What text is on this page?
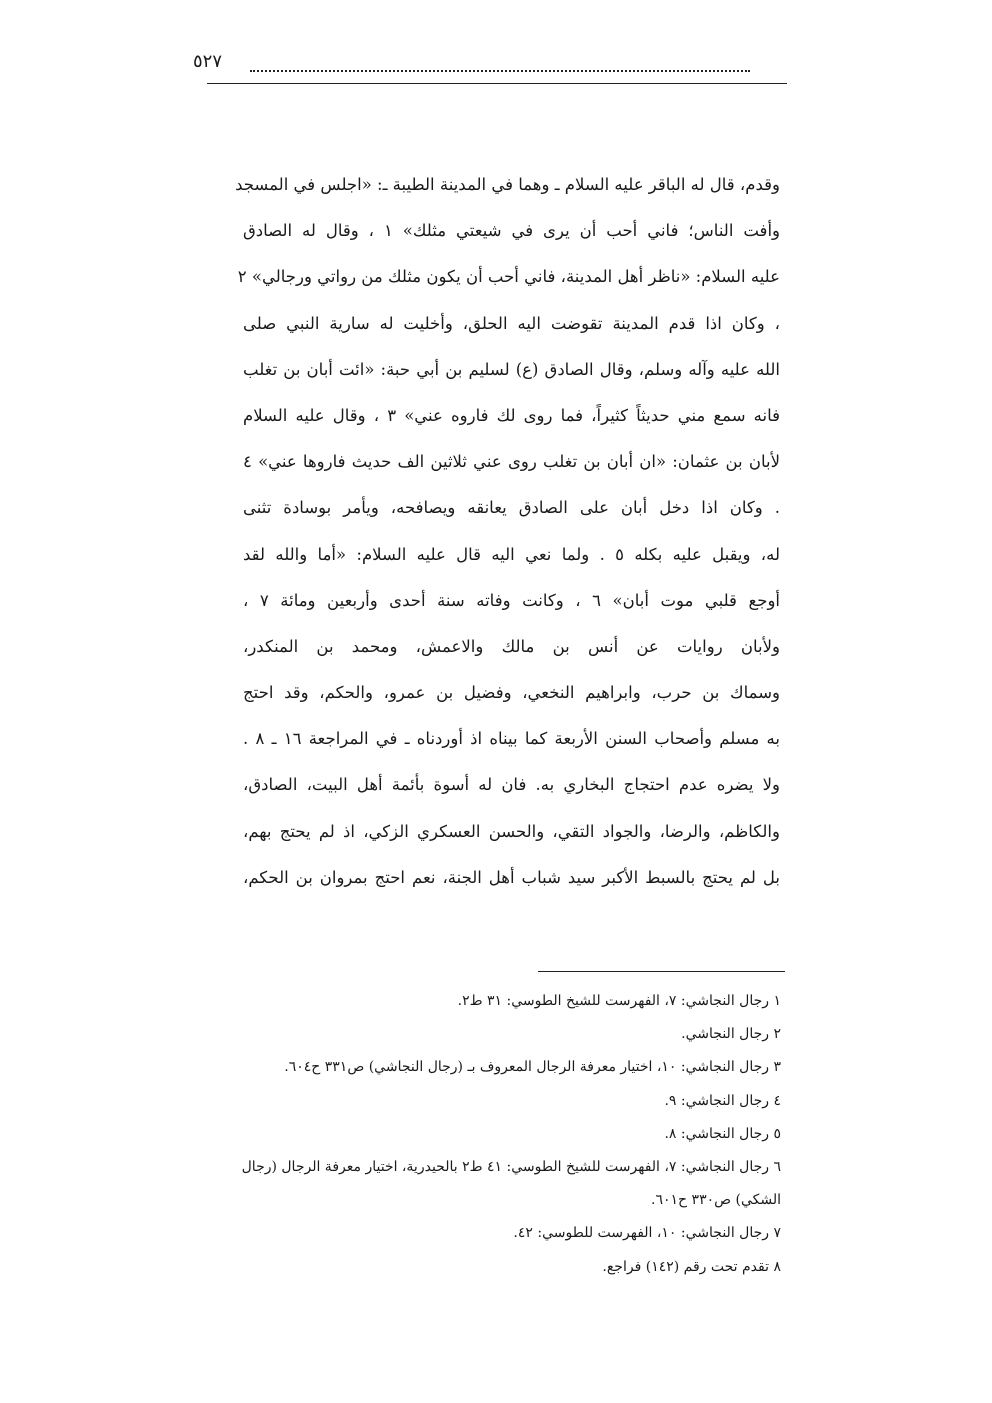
٥٢٧
وقدم، قال له الباقر عليه السلام ـ وهما في المدينة الطيبة ـ: «اجلس في المسجد
وأفت الناس؛ فاني أحب أن يرى في شيعتي مثلك» ١ ، وقال له الصادق
عليه السلام: «ناظر أهل المدينة، فاني أحب أن يكون مثلك من رواتي ورجالي» ٢
، وكان اذا قدم المدينة تقوضت اليه الحلق، وأخليت له سارية النبي صلى
الله عليه وآله وسلم، وقال الصادق (ع) لسليم بن أبي حبة: «ائت أبان بن تغلب
فانه سمع مني حديثاً كثيراً، فما روى لك فاروه عني» ٣ ، وقال عليه السلام
لأبان بن عثمان: «ان أبان بن تغلب روى عني ثلاثين الف حديث فاروها عني» ٤
. وكان اذا دخل أبان على الصادق يعانقه ويصافحه، ويأمر بوسادة تثنى
له، ويقبل عليه بكله ٥ . ولما نعي اليه قال عليه السلام: «أما والله لقد
أوجع قلبي موت أبان» ٦ ، وكانت وفاته سنة أحدى وأربعين ومائة ٧ ،
ولأبان روايات عن أنس بن مالك والاعمش، ومحمد بن المنكدر،
وسماك بن حرب، وابراهيم النخعي، وفضيل بن عمرو، والحكم، وقد احتج
به مسلم وأصحاب السنن الأربعة كما بيناه اذ أوردناه ـ في المراجعة ١٦ ـ ٨ .
ولا يضره عدم احتجاج البخاري به. فان له أسوة بأئمة أهل البيت، الصادق،
والكاظم، والرضا، والجواد التقي، والحسن العسكري الزكي، اذ لم يحتج بهم،
بل لم يحتج بالسبط الأكبر سيد شباب أهل الجنة، نعم احتج بمروان بن الحكم،
١ رجال النجاشي: ٧، الفهرست للشيخ الطوسي: ٣١ ط٢.
٢ رجال النجاشي.
٣ رجال النجاشي: ١٠، اختيار معرفة الرجال المعروف بـ (رجال النجاشي) ص٣٣١ ح٦٠٤.
٤ رجال النجاشي: ٩.
٥ رجال النجاشي: ٨.
٦ رجال النجاشي: ٧، الفهرست للشيخ الطوسي: ٤١ ط٢ بالحيدرية، اختيار معرفة الرجال (رجال
الشكي) ص٣٣٠ ح٦٠١.
٧ رجال النجاشي: ١٠، الفهرست للطوسي: ٤٢.
٨ تقدم تحت رقم (١٤٢) فراجع.
